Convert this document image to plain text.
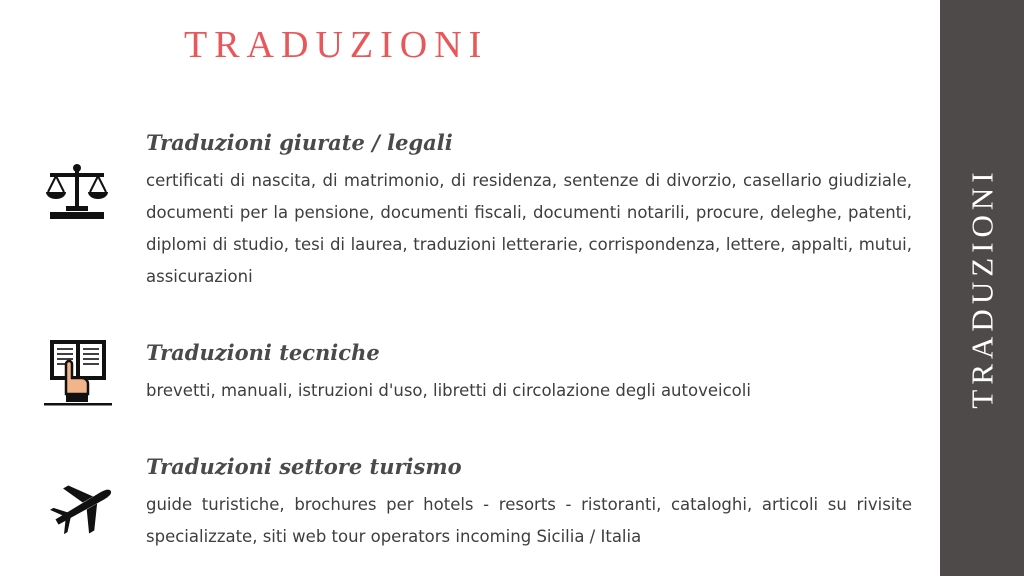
TRADUZIONI
TRADUZIONI
Traduzioni giurate / legali

certificati di nascita, di matrimonio, di residenza, sentenze di divorzio, casellario giudiziale, documenti per la pensione, documenti fiscali, documenti notarili, procure, deleghe, patenti, diplomi di studio, tesi di laurea, traduzioni letterarie, corrispondenza, lettere, appalti, mutui, assicurazioni

Traduzioni tecniche

brevetti, manuali, istruzioni d'uso, libretti di circolazione degli autoveicoli

Traduzioni settore turismo

guide turistiche, brochures per hotels - resorts - ristoranti, cataloghi, articoli su rivisite specializzate, siti web tour operators incoming Sicilia / Italia
